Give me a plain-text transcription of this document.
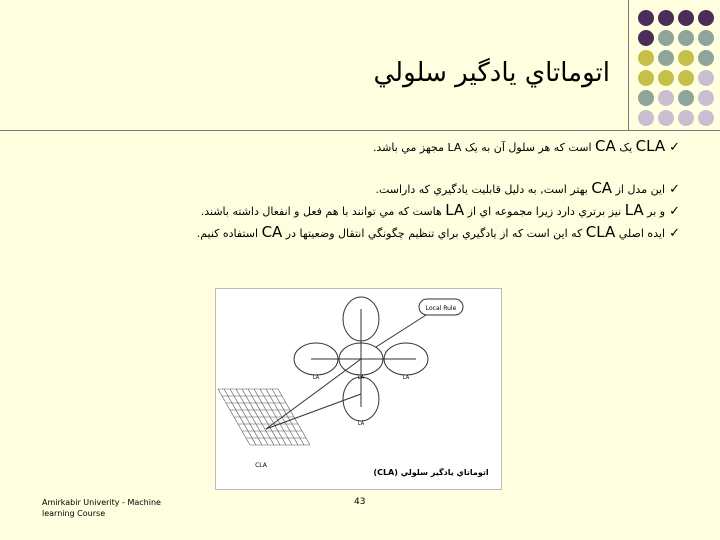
اتوماتاي يادگير سلولي
✓CLA يک CA است كه هر سلول آن به يک LA مجهز مي باشد.
✓اين مدل از CA بهتر است, به دليل قابليت يادگيري كه داراست.
✓و بر LA نيز برتري دارد زيرا مجموعه اي از LA هاست كه مي توانند با هم فعل و انفعال داشته باشند.
✓ايده اصلي CLA كه اين است كه از يادگيري براي تنظيم چگونگي انتقال وضعيتها در CA استفاده كنيم.
Local Rule
LA	LA	LA
LA
CLA
اتوماتاي يادگير سلولي (CLA)
Amirkabir Univerity - Machine learning Course
43
